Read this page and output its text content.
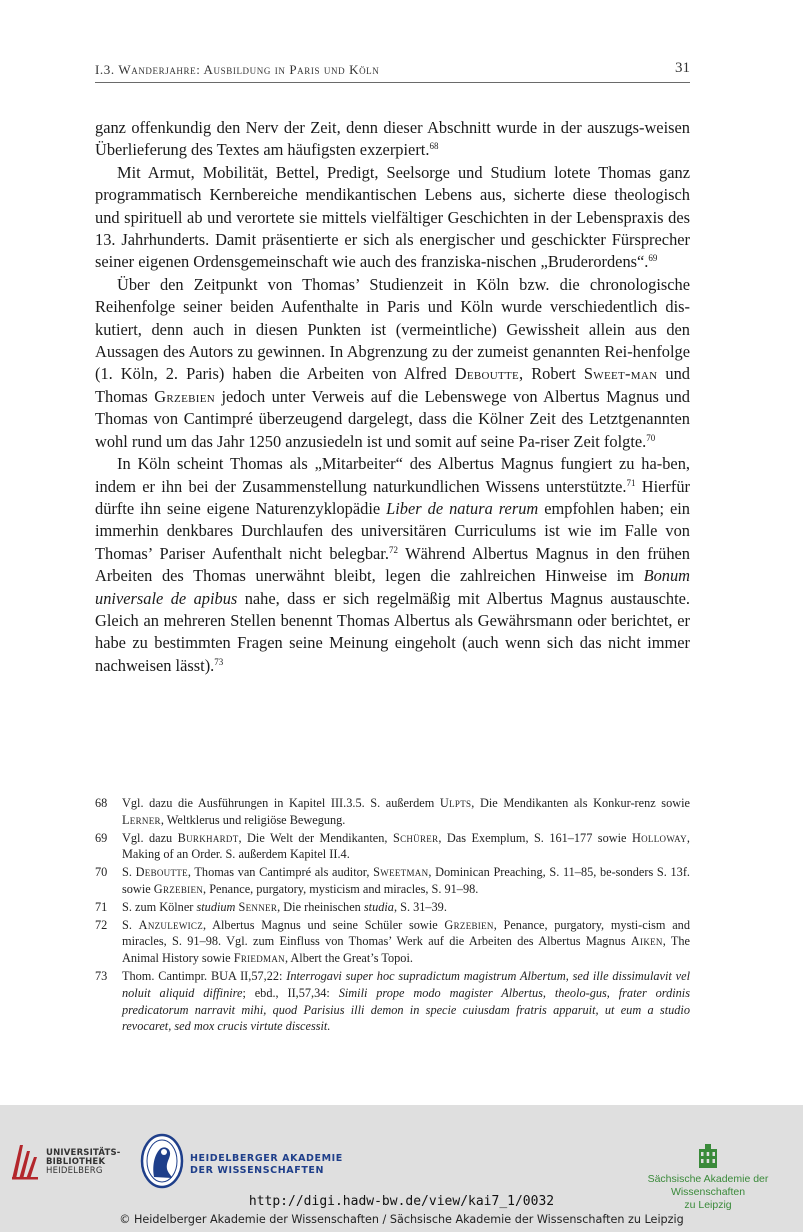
I.3. Wanderjahre: Ausbildung in Paris und Köln	31

ganz offenkundig den Nerv der Zeit, denn dieser Abschnitt wurde in der auszugs-weisen Überlieferung des Textes am häufigsten exzerpiert.$^{68}$

Mit Armut, Mobilität, Bettel, Predigt, Seelsorge und Studium lotete Thomas ganz programmatisch Kernbereiche mendikantischen Lebens aus, sicherte diese theologisch und spirituell ab und verortete sie mittels vielfältiger Geschichten in der Lebenspraxis des 13. Jahrhunderts. Damit präsentierte er sich als energischer und geschickter Fürsprecher seiner eigenen Ordensgemeinschaft wie auch des franziska-nischen „Bruderordens“.$^{69}$

Über den Zeitpunkt von Thomas’ Studienzeit in Köln bzw. die chronologische Reihenfolge seiner beiden Aufenthalte in Paris und Köln wurde verschiedentlich dis-kutiert, denn auch in diesen Punkten ist (vermeintliche) Gewissheit allein aus den Aussagen des Autors zu gewinnen. In Abgrenzung zu der zumeist genannten Rei-henfolge (1. Köln, 2. Paris) haben die Arbeiten von Alfred Deboutte, Robert Sweet-man und Thomas Grzebien jedoch unter Verweis auf die Lebenswege von Albertus Magnus und Thomas von Cantimpré überzeugend dargelegt, dass die Kölner Zeit des Letztgenannten wohl rund um das Jahr 1250 anzusiedeln ist und somit auf seine Pa-riser Zeit folgte.$^{70}$

In Köln scheint Thomas als „Mitarbeiter“ des Albertus Magnus fungiert zu ha-ben, indem er ihn bei der Zusammenstellung naturkundlichen Wissens unterstützte.$^{71}$ Hierfür dürfte ihn seine eigene Naturenzyklopädie Liber de natura rerum empfohlen haben; ein immerhin denkbares Durchlaufen des universitären Curriculums ist wie im Falle von Thomas’ Pariser Aufenthalt nicht belegbar.$^{72}$ Während Albertus Magnus in den frühen Arbeiten des Thomas unerwähnt bleibt, legen die zahlreichen Hinweise im Bonum universale de apibus nahe, dass er sich regelmäßig mit Albertus Magnus austauschte. Gleich an mehreren Stellen benennt Thomas Albertus als Gewährsmann oder berichtet, er habe zu bestimmten Fragen seine Meinung eingeholt (auch wenn sich das nicht immer nachweisen lässt).$^{73}$

68	Vgl. dazu die Ausführungen in Kapitel III.3.5. S. außerdem Ulpts, Die Mendikanten als Konkur-renz sowie Lerner, Weltklerus und religiöse Bewegung.
69	Vgl. dazu Burkhardt, Die Welt der Mendikanten, Schürer, Das Exemplum, S. 161–177 sowie Holloway, Making of an Order. S. außerdem Kapitel II.4.
70	S. Deboutte, Thomas van Cantimpré als auditor, Sweetman, Dominican Preaching, S. 11–85, be-sonders S. 13f. sowie Grzebien, Penance, purgatory, mysticism and miracles, S. 91–98.
71	S. zum Kölner studium Senner, Die rheinischen studia, S. 31–39.
72	S. Anzulewicz, Albertus Magnus und seine Schüler sowie Grzebien, Penance, purgatory, mysti-cism and miracles, S. 91–98. Vgl. zum Einfluss von Thomas’ Werk auf die Arbeiten des Albertus Magnus Aiken, The Animal History sowie Friedman, Albert the Great’s Topoi.
73	Thom. Cantimpr. BUA II,57,22: Interrogavi super hoc supradictum magistrum Albertum, sed ille dissimulavit vel noluit aliquid diffinire; ebd., II,57,34: Simili prope modo magister Albertus, theolo-gus, frater ordinis predicatorum narravit mihi, quod Parisius illi demon in specie cuiusdam fratris apparuit, ut eum a studio revocaret, sed mox crucis virtute discessit.
UNIVERSITÄTS-
BIBLIOTHEK
HEIDELBERG
HEIDELBERGER AKADEMIE
DER WISSENSCHAFTEN
Sächsische Akademie der Wissenschaften
zu Leipzig
http://digi.hadw-bw.de/view/kai7_1/0032
© Heidelberger Akademie der Wissenschaften / Sächsische Akademie der Wissenschaften zu Leipzig
